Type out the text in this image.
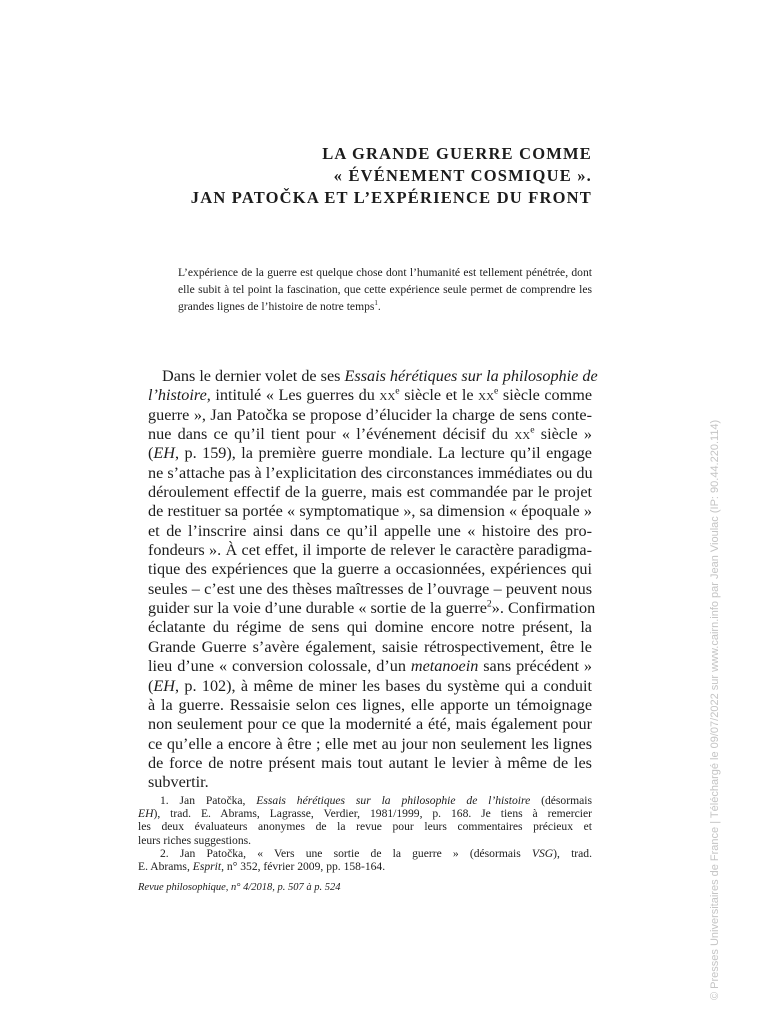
LA GRANDE GUERRE COMME
« ÉVÉNEMENT COSMIQUE ».
JAN PATOČKA ET L’EXPÉRIENCE DU FRONT
L’expérience de la guerre est quelque chose dont l’humanité est tellement pénétrée, dont elle subit à tel point la fascination, que cette expérience seule permet de comprendre les grandes lignes de l’histoire de notre temps$^1$.
Dans le dernier volet de ses Essais hérétiques sur la philosophie de
l’histoire, intitulé « Les guerres du $xx^e$ siècle et le $xx^e$ siècle comme
guerre », Jan Patočka se propose d’élucider la charge de sens conte-
nue dans ce qu’il tient pour « l’événement décisif du $xx^e$ siècle »
(EH, p. 159), la première guerre mondiale. La lecture qu’il engage
ne s’attache pas à l’explicitation des circonstances immédiates ou du
déroulement effectif de la guerre, mais est commandée par le projet
de restituer sa portée « symptomatique », sa dimension « époquale »
et de l’inscrire ainsi dans ce qu’il appelle une « histoire des pro-
fondeurs ». À cet effet, il importe de relever le caractère paradigma-
tique des expériences que la guerre a occasionnées, expériences qui
seules – c’est une des thèses maîtresses de l’ouvrage – peuvent nous
guider sur la voie d’une durable « sortie de la guerre$^2$». Confirmation
éclatante du régime de sens qui domine encore notre présent, la
Grande Guerre s’avère également, saisie rétrospectivement, être le
lieu d’une « conversion colossale, d’un metanoein sans précédent »
(EH, p. 102), à même de miner les bases du système qui a conduit
à la guerre. Ressaisie selon ces lignes, elle apporte un témoignage
non seulement pour ce que la modernité a été, mais également pour
ce qu’elle a encore à être ; elle met au jour non seulement les lignes
de force de notre présent mais tout autant le levier à même de les
subvertir.
1. Jan Patočka, Essais hérétiques sur la philosophie de l’histoire (désormais
EH), trad. E. Abrams, Lagrasse, Verdier, 1981/1999, p. 168. Je tiens à remercier
les deux évaluateurs anonymes de la revue pour leurs commentaires précieux et
leurs riches suggestions.
2. Jan Patočka, « Vers une sortie de la guerre » (désormais VSG), trad.
E. Abrams, Esprit, n° 352, février 2009, pp. 158-164.
Revue philosophique, n° 4/2018, p. 507 à p. 524	© Presses Universitaires de France | Téléchargé le 09/07/2022 sur www.cairn.info par Jean Vioulac (IP: 90.44.220.114)
